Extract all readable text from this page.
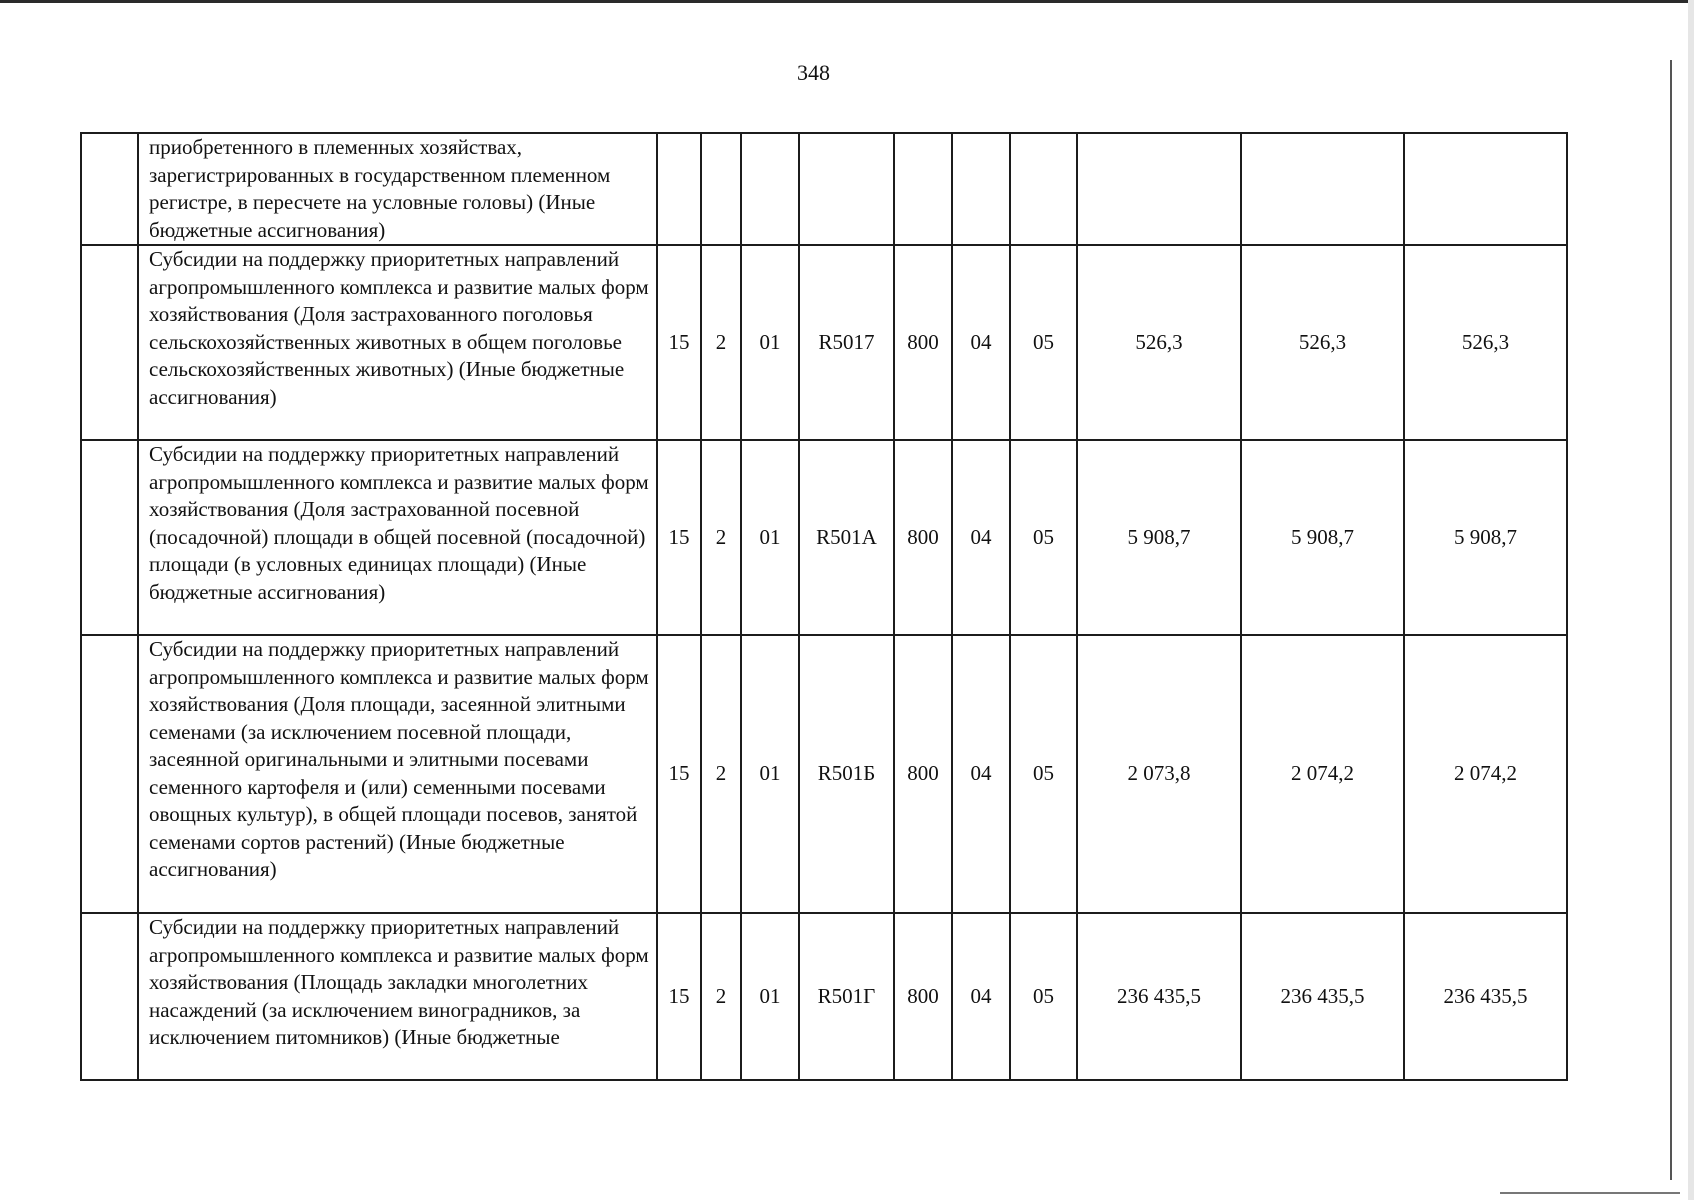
348

	приобретенного в племенных хозяйствах, зарегистрированных в государственном племенном регистре, в пересчете на условные головы) (Иные бюджетные ассигнования)										

	Субсидии на поддержку приоритетных направлений агропромышленного комплекса и развитие малых форм хозяйствования (Доля застрахованного поголовья сельскохозяйственных животных в общем поголовье сельскохозяйственных животных) (Иные бюджетные ассигнования)	15	2	01	R5017	800	04	05	526,3	526,3	526,3

	Субсидии на поддержку приоритетных направлений агропромышленного комплекса и развитие малых форм хозяйствования (Доля застрахованной посевной (посадочной) площади в общей посевной (посадочной) площади (в условных единицах площади) (Иные бюджетные ассигнования)	15	2	01	R501А	800	04	05	5 908,7	5 908,7	5 908,7

	Субсидии на поддержку приоритетных направлений агропромышленного комплекса и развитие малых форм хозяйствования (Доля площади, засеянной элитными семенами (за исключением посевной площади, засеянной оригинальными и элитными посевами семенного картофеля и (или) семенными посевами овощных культур), в общей площади посевов, занятой семенами сортов растений) (Иные бюджетные ассигнования)	15	2	01	R501Б	800	04	05	2 073,8	2 074,2	2 074,2

	Субсидии на поддержку приоритетных направлений агропромышленного комплекса и развитие малых форм хозяйствования (Площадь закладки многолетних насаждений (за исключением виноградников, за исключением питомников) (Иные бюджетные	15	2	01	R501Г	800	04	05	236 435,5	236 435,5	236 435,5
